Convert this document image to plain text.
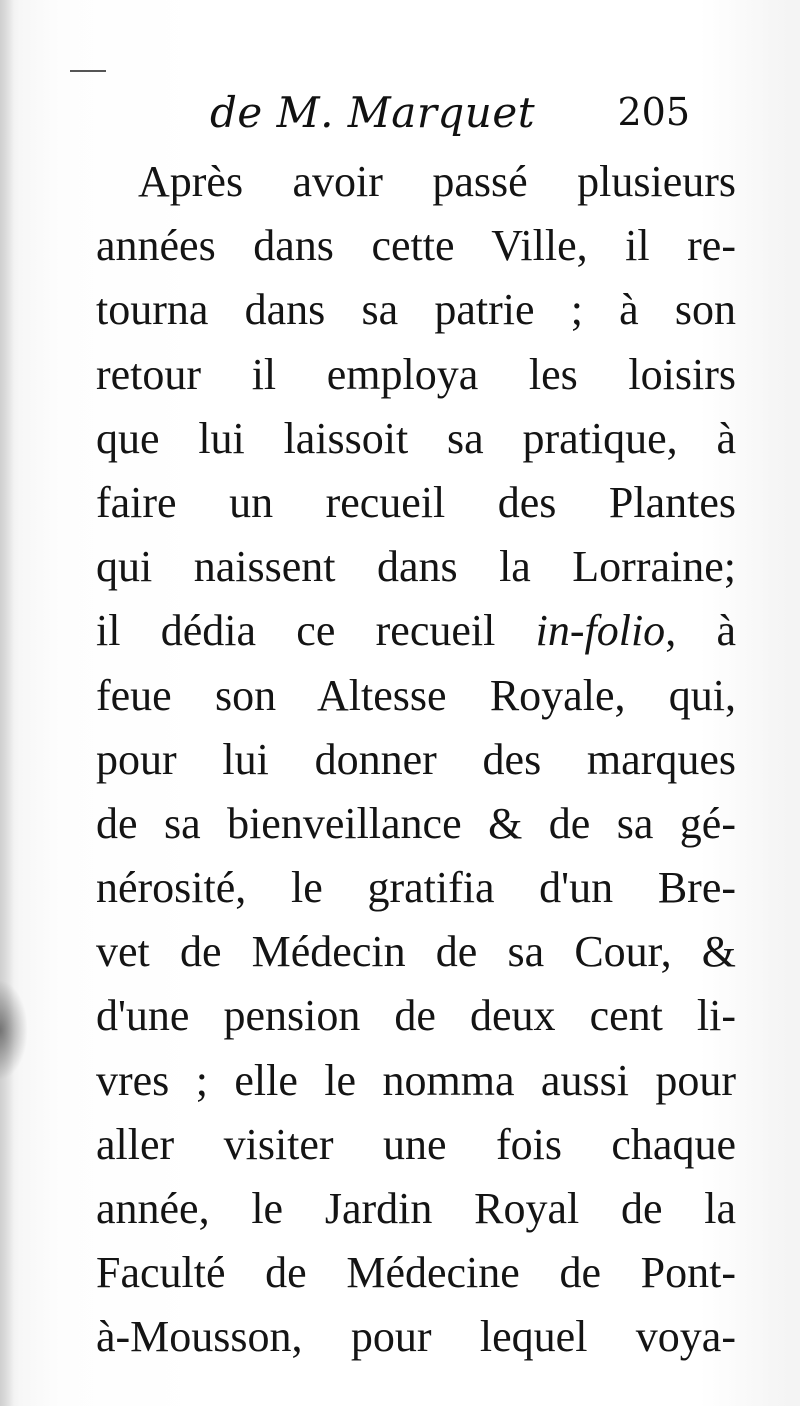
de M. Marquet 205
Après avoir passé plusieurs
années dans cette Ville, il re-
tourna dans sa patrie ; à son
retour il employa les loisirs
que lui laissoit sa pratique, à
faire un recueil des Plantes
qui naissent dans la Lorraine;
il dédia ce recueil in-folio, à
feue son Altesse Royale, qui,
pour lui donner des marques
de sa bienveillance & de sa gé-
nérosité, le gratifia d'un Bre-
vet de Médecin de sa Cour, &
d'une pension de deux cent li-
vres ; elle le nomma aussi pour
aller visiter une fois chaque
année, le Jardin Royal de la
Faculté de Médecine de Pont-
à-Mousson, pour lequel voya-
